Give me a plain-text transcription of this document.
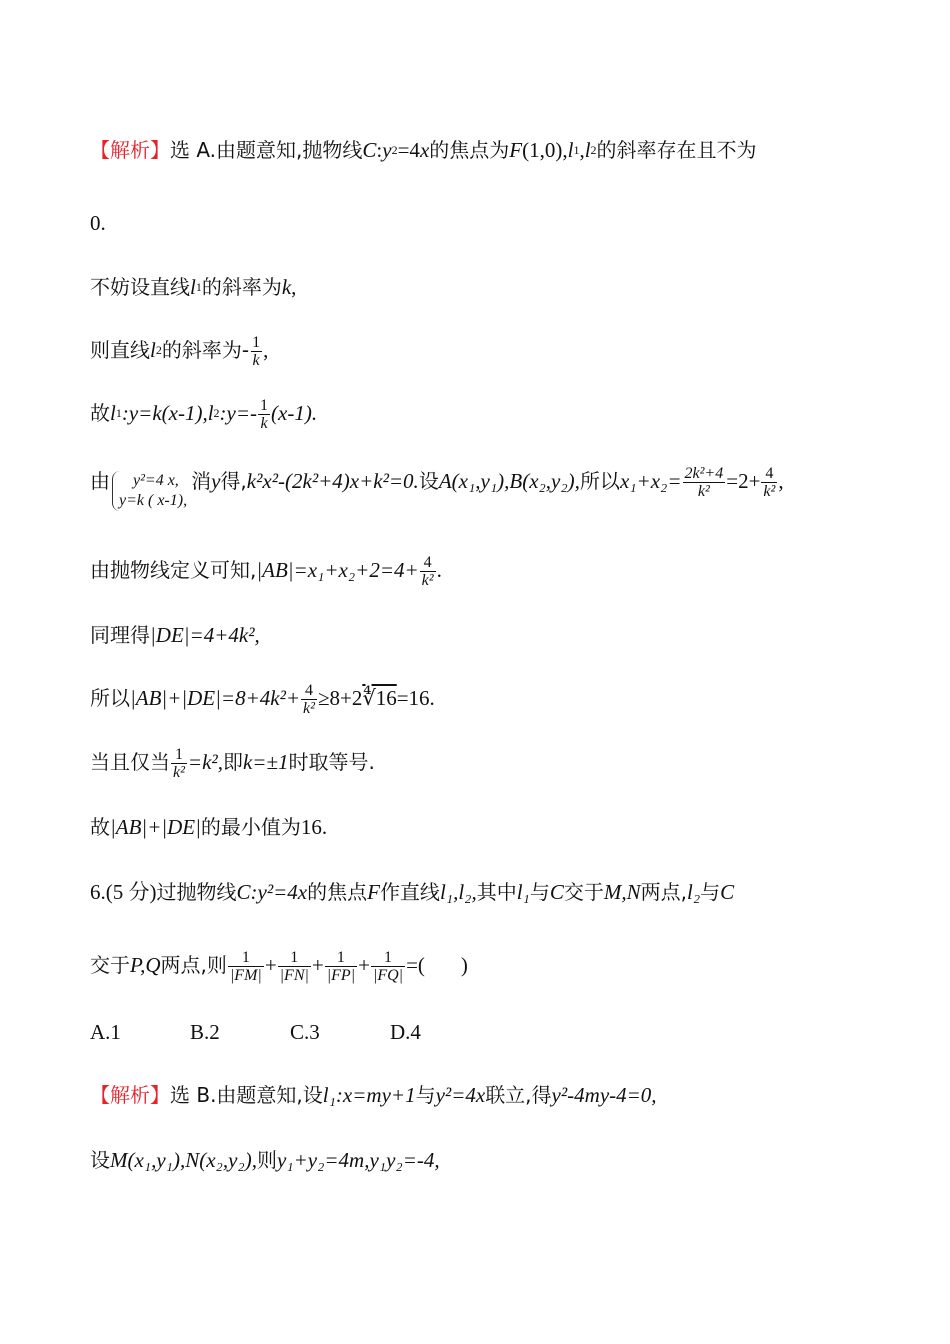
【解析】 选 A.由题意知,抛物线 C : y 2 =4 x 的焦点为 F (1,0), l 1 , l 2 的斜率存在且不为
0.
不妨设直线 l 1 的斜率为 k ,
则直线 l 2 的斜率为- $\frac{1}{k}$ ,
故 l 1 :y=k(x-1), l 2 :y=- $\frac{1}{k} (x-1)$.
由	y²=4 x,
y=k ( x-1),
消 y 得, k²x²-(2k²+4)x+k²=0. 设 A(x₁,y₁),B(x₂,y₂), 所以 $x_1+x_2= \frac{\text{2k²+4}}{\text{k²}} =2+ \frac{4}{\text{k²}}$ ,
由抛物线定义可知, $|AB|=x_1+x_2+2=4+ \frac{4}{\text{k²}}$ .
同理得 |DE|=4+4k²,
所以 $|AB|+|DE|=8+4k^2+ \frac{4}{\text{k²}} \ge 8+2$ ∜16 =16.
当且仅当 $\frac{1}{\text{k²}} =k^2$, 即 k=±1 时取等号.
故 |AB|+|DE| 的最小值为 16.
6.(5 分) 过抛物线 C:y²=4x 的焦点 F 作直线 l₁,l₂, 其中 l₁ 与 C 交于 M,N 两点, l₂ 与 C
交于 P,Q 两点,则 $\frac{1}{|FM|} + \frac{1}{|FN|} + \frac{1}{|FP|} + \frac{1}{|FQ|}$ =( )
A.1	B.2	C.3	D.4
【解析】 选 B.由题意知,设 l₁:x=my+1 与 y²=4x 联立,得 y²-4my-4=0,
设 M(x₁,y₁),N(x₂,y₂), 则 y₁+y₂=4m,y₁y₂=-4,
